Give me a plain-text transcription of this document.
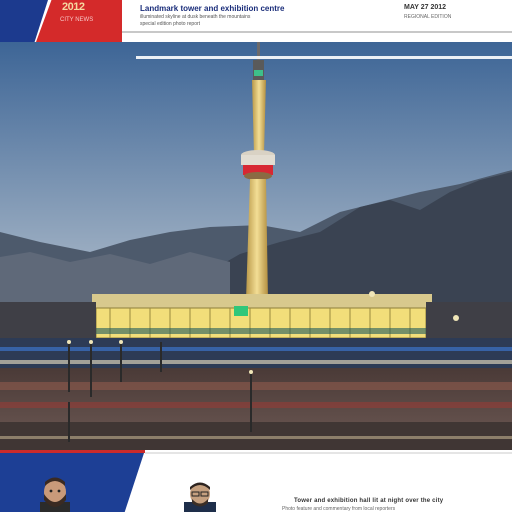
2012
CITY NEWS
Landmark tower and exhibition centre
illuminated skyline at dusk beneath the mountains
special edition photo report
MAY 27 2012
REGIONAL EDITION
Tower and exhibition hall lit at night over the city
Photo feature and commentary from local reporters
